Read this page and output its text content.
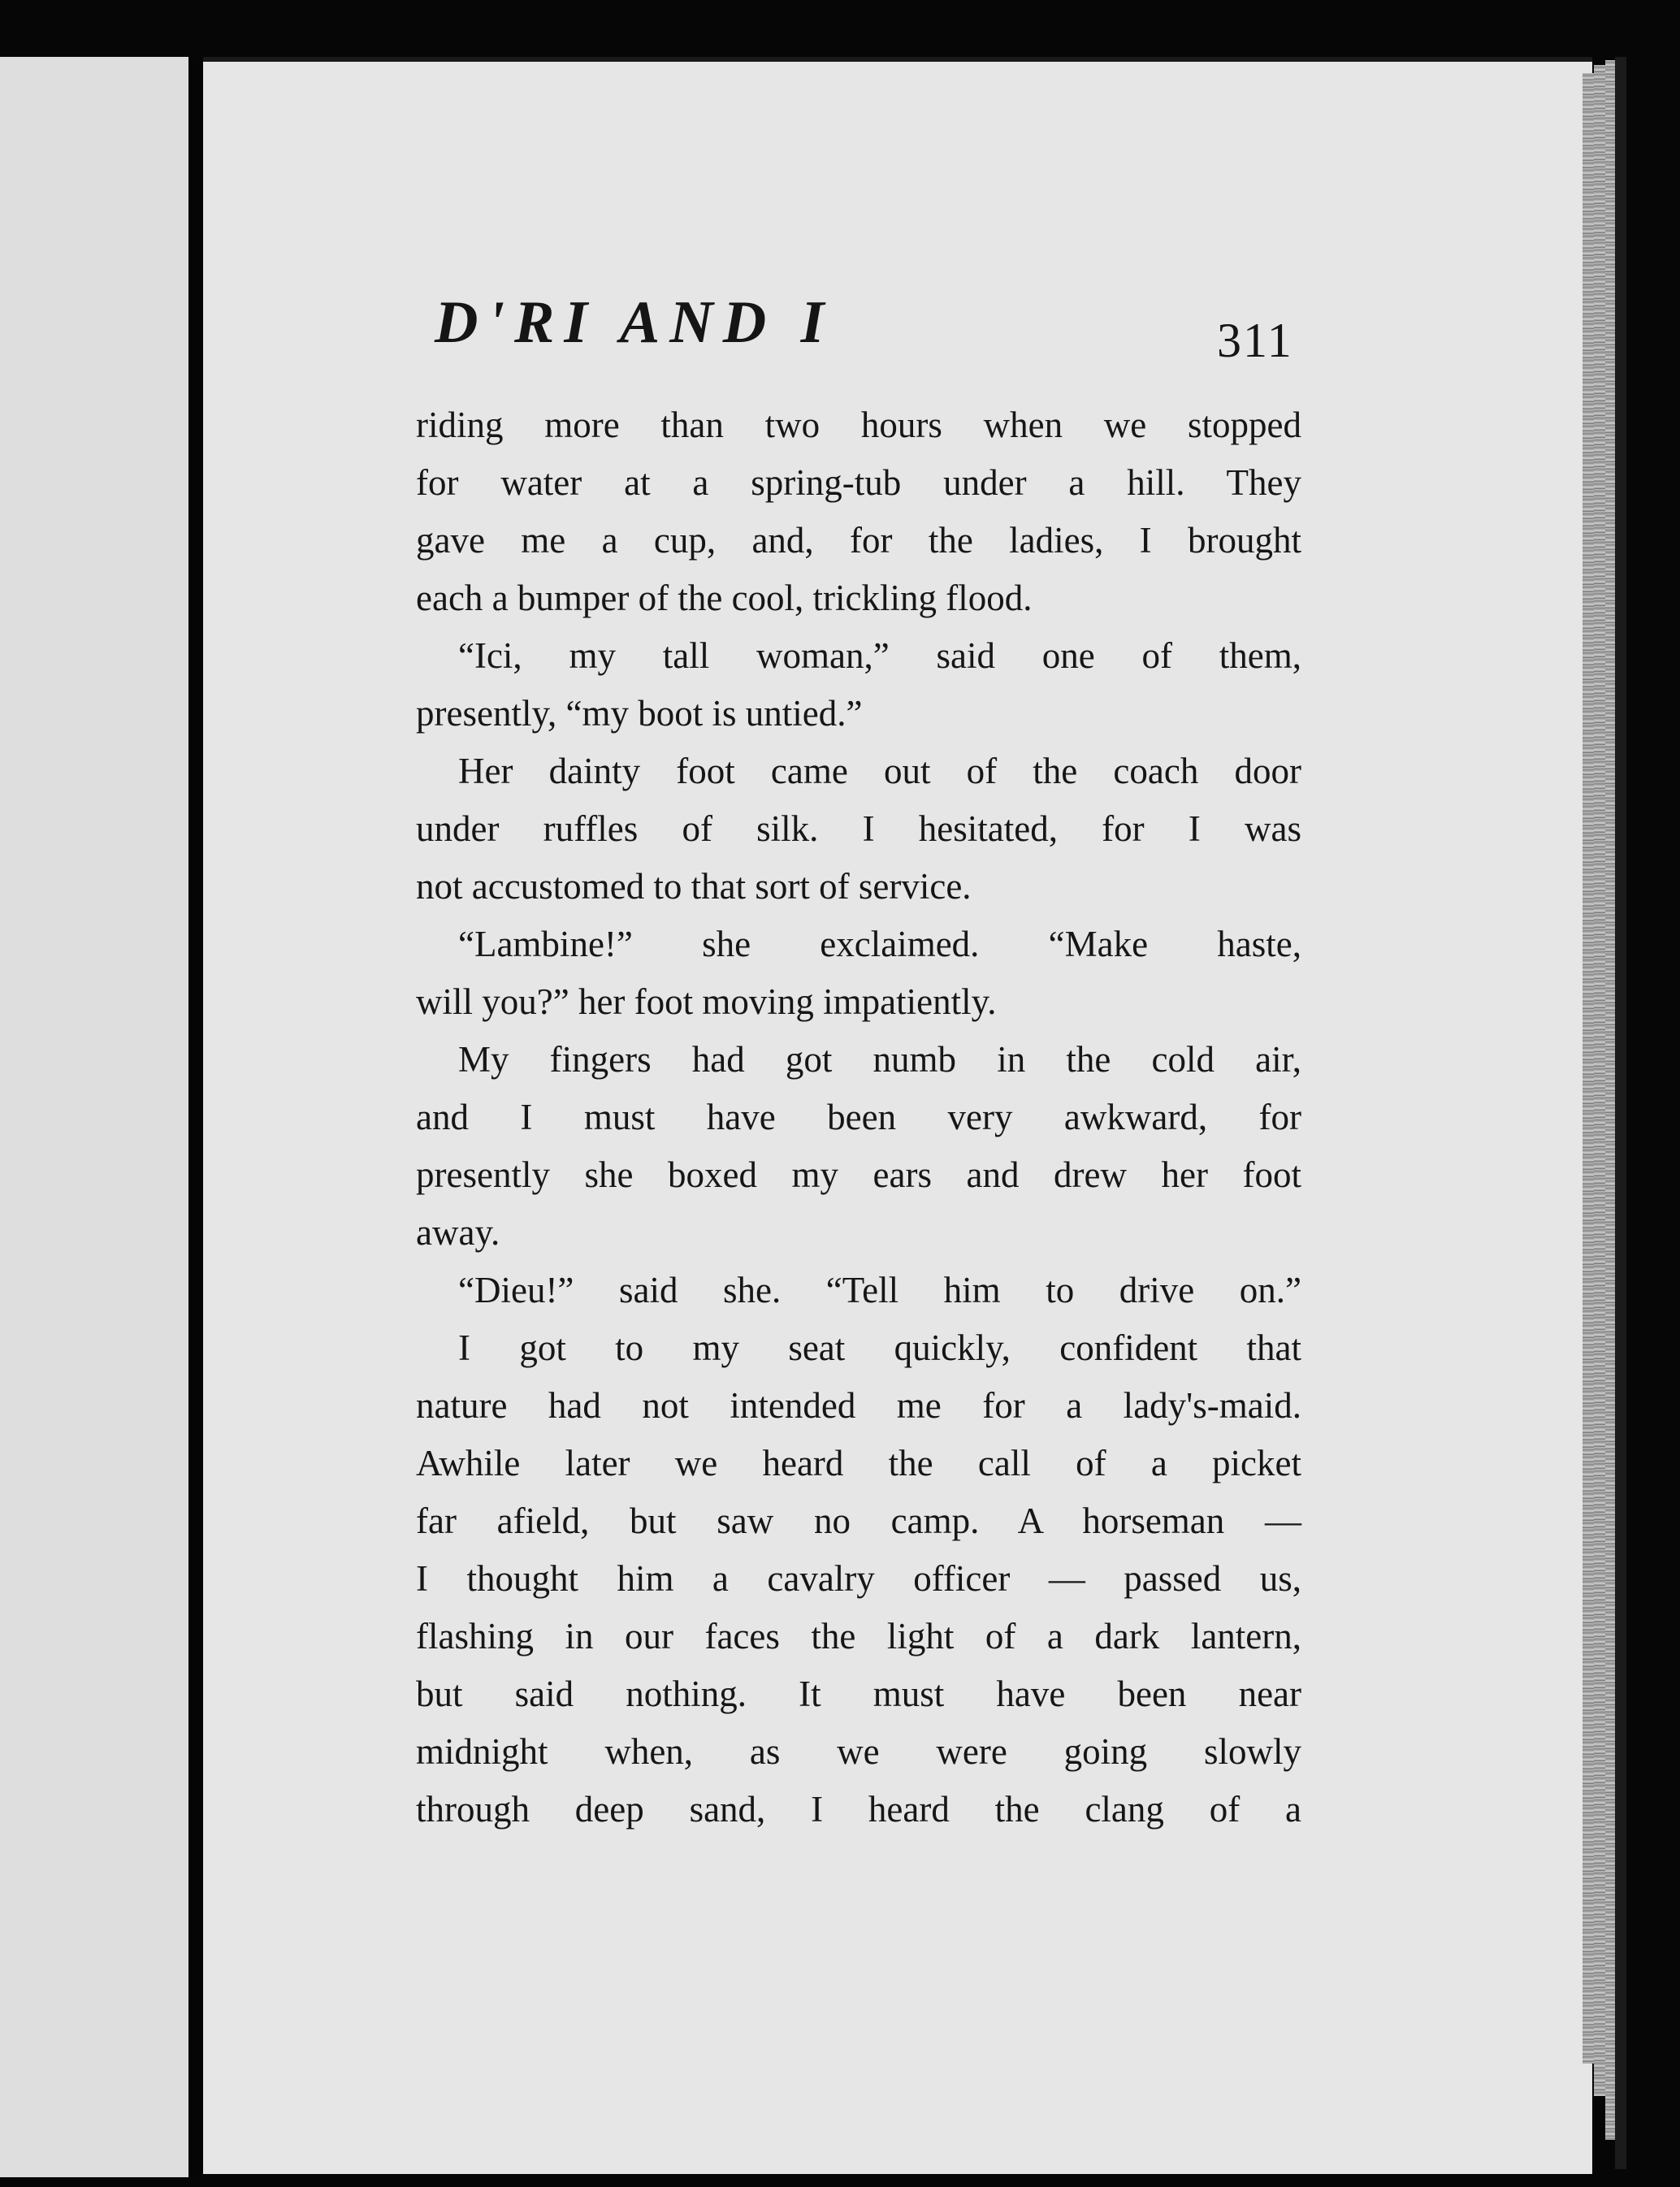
D'RI AND I	311

riding more than two hours when we stopped

for water at a spring-tub under a hill. They

gave me a cup, and, for the ladies, I brought

each a bumper of the cool, trickling flood.

“Ici, my tall woman,” said one of them,

presently, “my boot is untied.”

Her dainty foot came out of the coach door

under ruffles of silk. I hesitated, for I was

not accustomed to that sort of service.

“Lambine!” she exclaimed. “Make haste,

will you?” her foot moving impatiently.

My fingers had got numb in the cold air,

and I must have been very awkward, for

presently she boxed my ears and drew her foot

away.

“Dieu!” said she. “Tell him to drive on.”

I got to my seat quickly, confident that

nature had not intended me for a lady's-maid.

Awhile later we heard the call of a picket

far afield, but saw no camp. A horseman —

I thought him a cavalry officer — passed us,

flashing in our faces the light of a dark lantern,

but said nothing. It must have been near

midnight when, as we were going slowly

through deep sand, I heard the clang of a
